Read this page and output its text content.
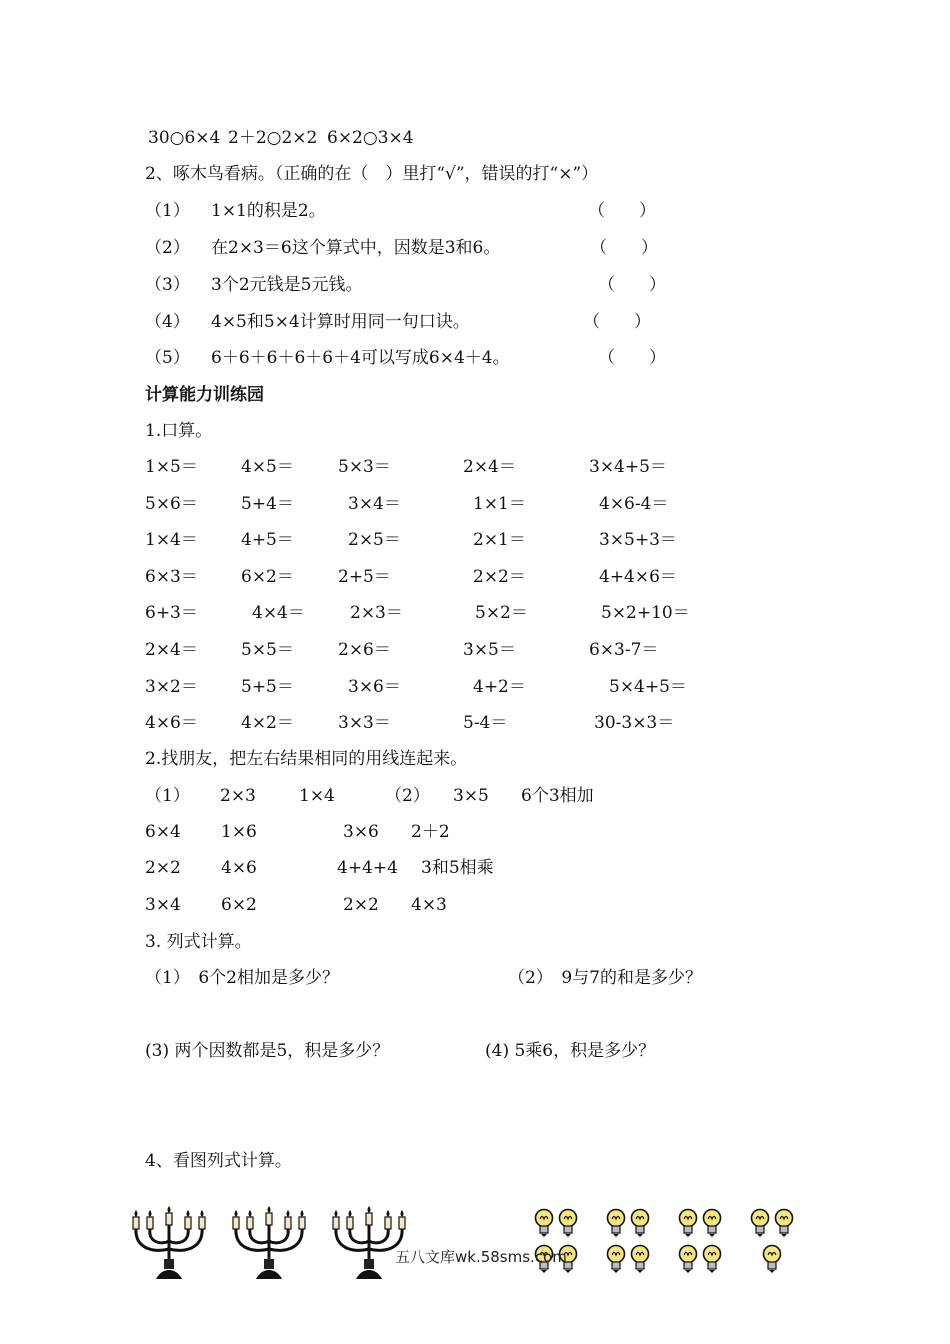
30○6×4 2＋2○2×2 6×2○3×4
2、啄木鸟看病。（正确的在（　）里打“√”，错误的打“×”）
（1） 1×1的积是2。	（　　）
（2） 在2×3＝6这个算式中，因数是3和6。	（　　）
（3） 3个2元钱是5元钱。	（　　）
（4） 4×5和5×4计算时用同一句口诀。	（　　）
（5） 6＋6＋6＋6＋6＋4可以写成6×4＋4。	（　　）
计算能力训练园
1.口算。
1×5＝	4×5＝	5×3＝	2×4＝	3×4+5＝
5×6＝	5+4＝	3×4＝	1×1＝	4×6-4＝
1×4＝	4+5＝	2×5＝	2×1＝	3×5+3＝
6×3＝	6×2＝	2+5＝	2×2＝	4+4×6＝
6+3＝	4×4＝	2×3＝	5×2＝	5×2+10＝
2×4＝	5×5＝	2×6＝	3×5＝	6×3-7＝
3×2＝	5+5＝	3×6＝	4+2＝	5×4+5＝
4×6＝	4×2＝	3×3＝	5-4＝	30-3×3＝
2.找朋友，把左右结果相同的用线连起来。
（1） 2×3	1×4	（2） 3×5 6个3相加
6×4 1×6	3×6 2＋2
2×2 4×6	4+4+4 3和5相乘
3×4 6×2	2×2 4×3
3. 列式计算。
（1）　6个2相加是多少？	（2）　9与7的和是多少？
(3) 两个因数都是5，积是多少？	(4) 5乘6，积是多少？
4、看图列式计算。
五八文库wk.58sms.com
